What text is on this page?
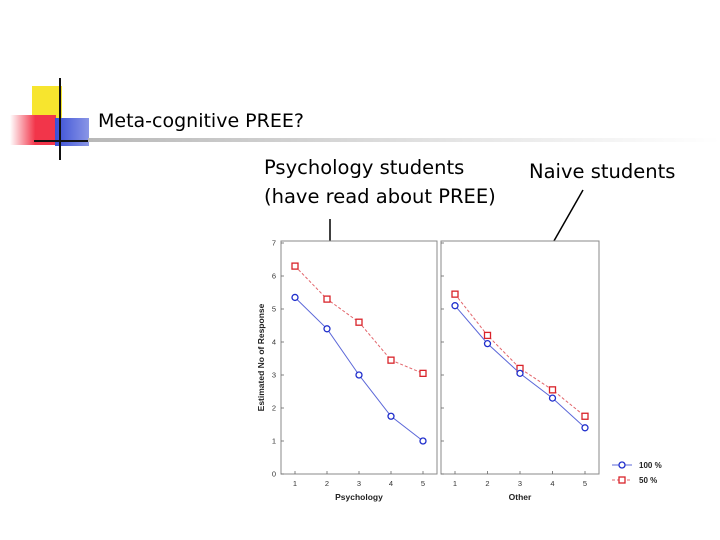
Meta-cognitive PREE?
Psychology students
(have read about PREE)
Naive students
0
1
2
3
4
5
6
7
1	2	3	4	5
Psychology
Estimated No of Response
1	2	3	4	5
Other
100 %
50 %
